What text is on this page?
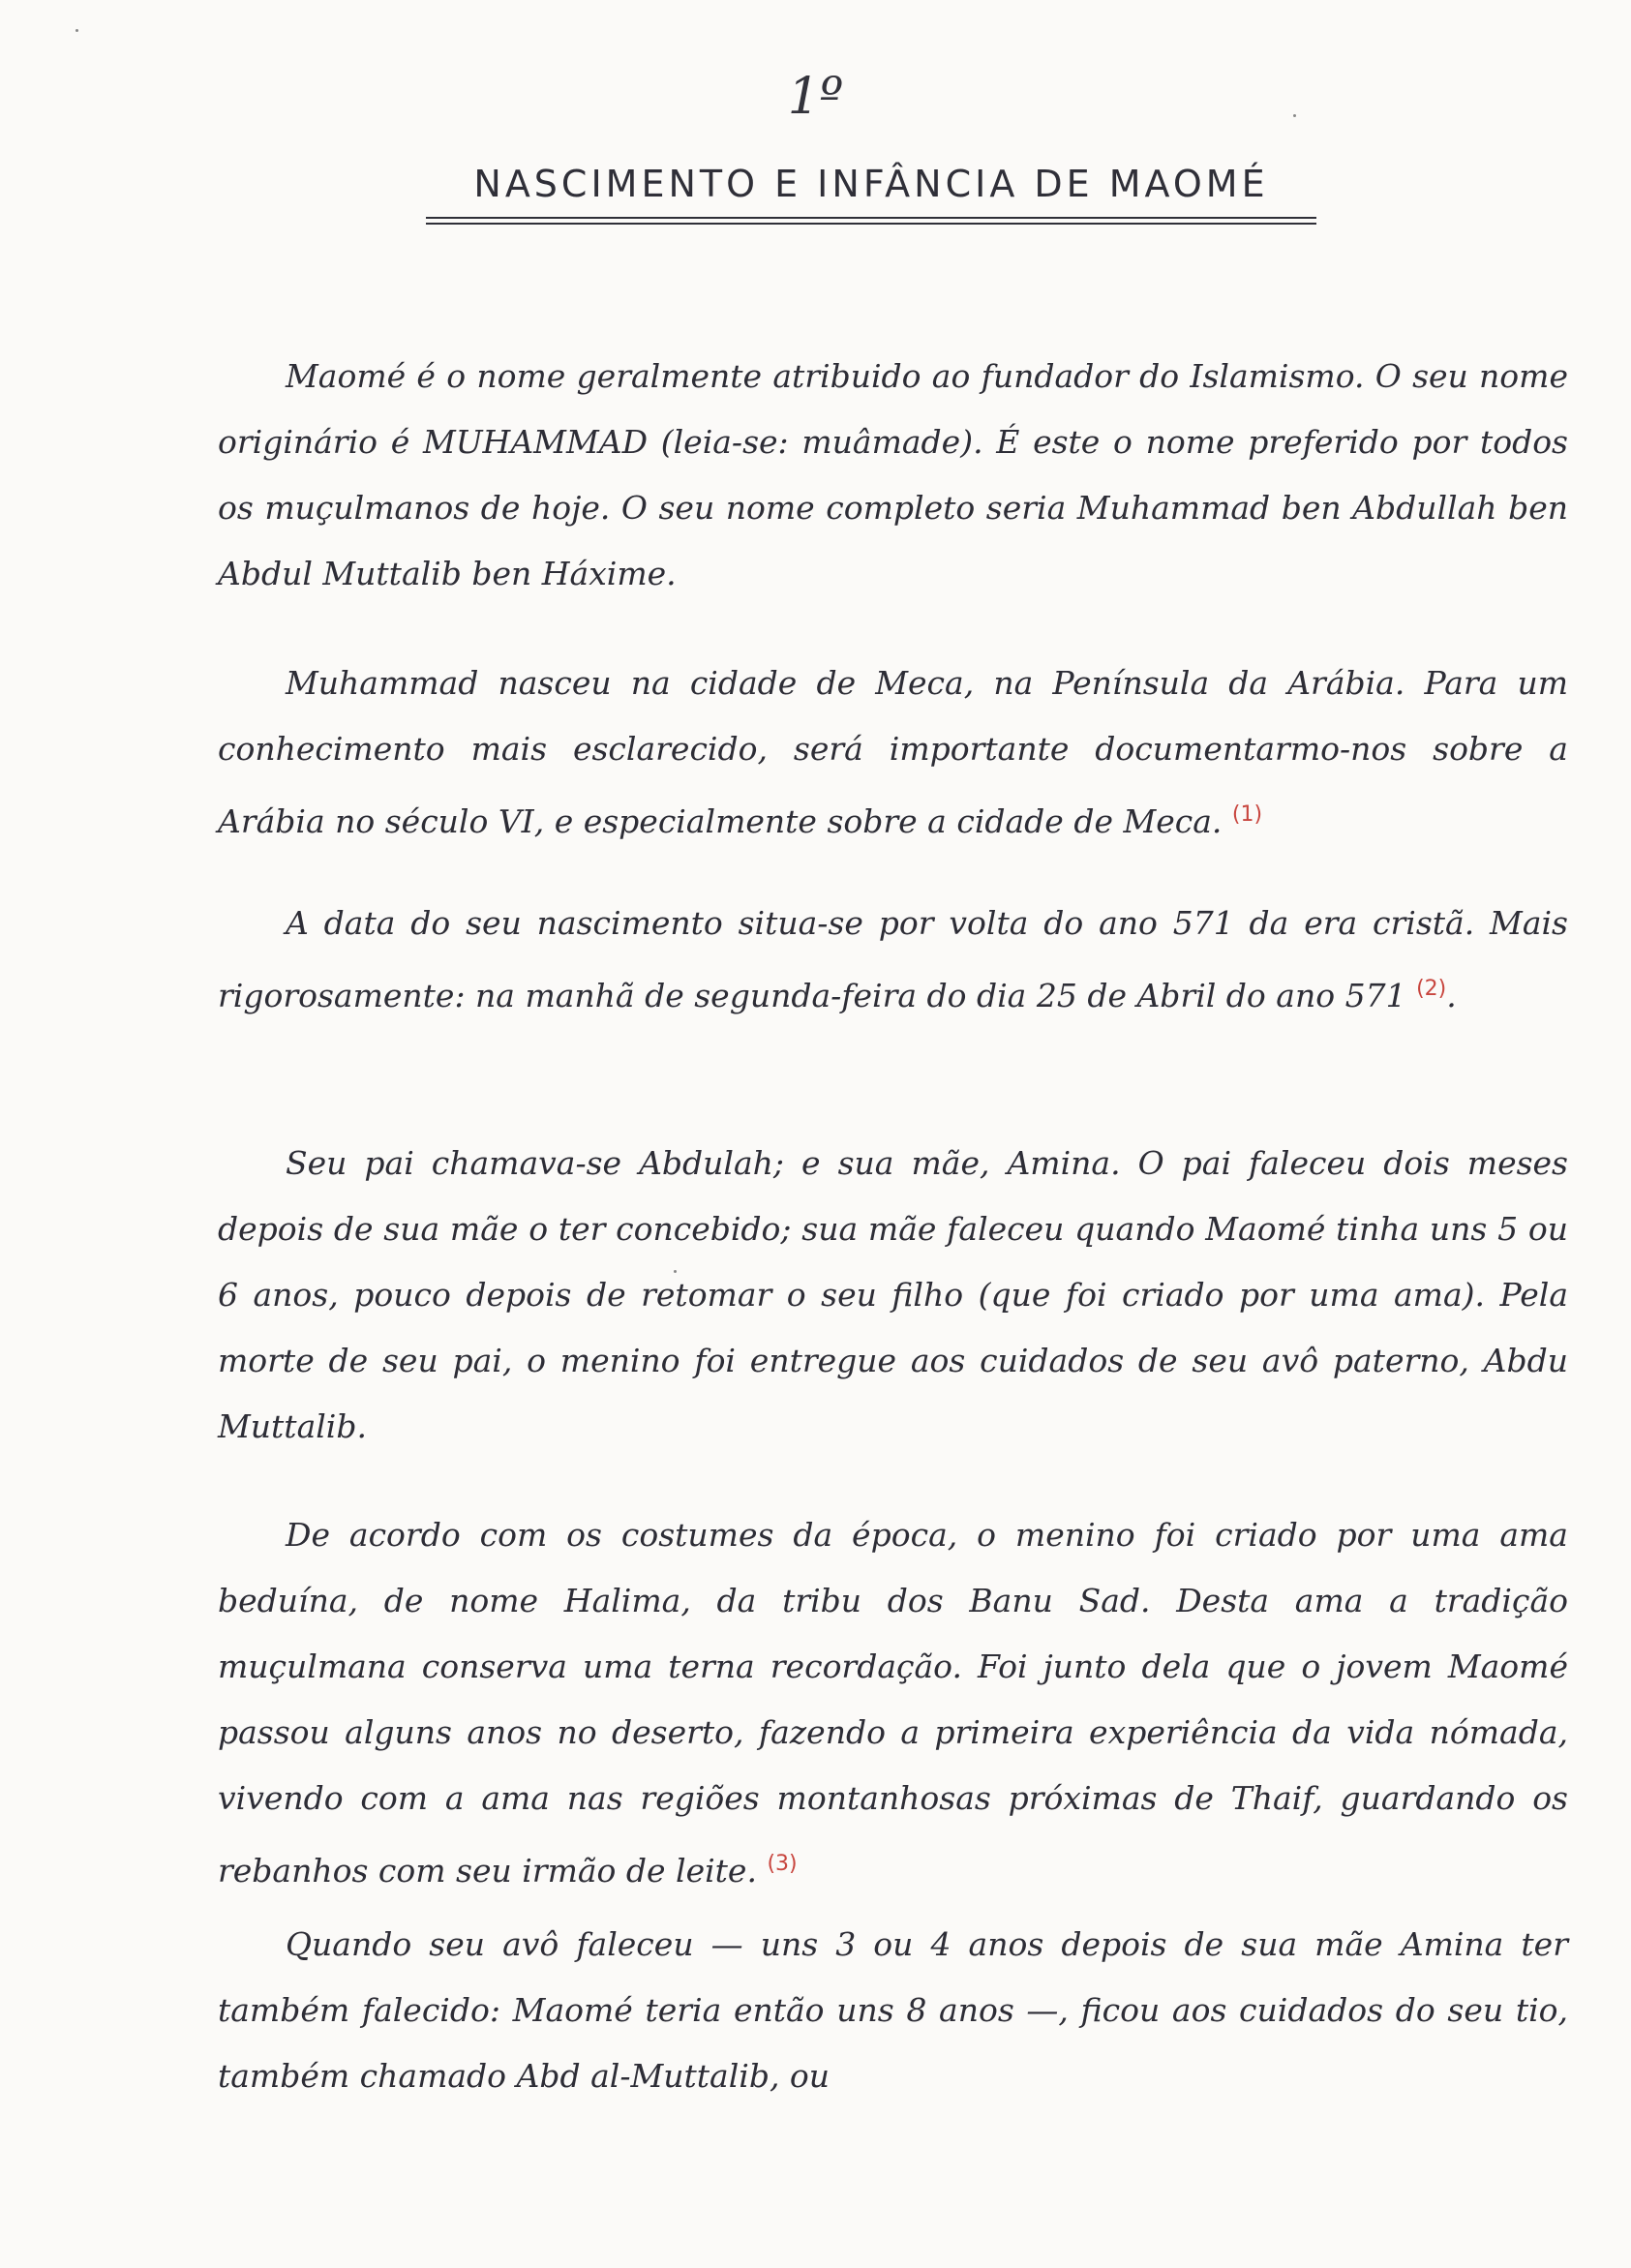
1º
NASCIMENTO E INFÂNCIA DE MAOMÉ

Maomé é o nome geralmente atribuido ao fundador do Islamismo. O seu nome originário é MUHAMMAD (leia-se: muâmade). É este o nome preferido por todos os muçulmanos de hoje. O seu nome completo seria Muhammad ben Abdullah ben Abdul Muttalib ben Háxime.

Muhammad nasceu na cidade de Meca, na Península da Arábia. Para um conhecimento mais esclarecido, será importante documentarmo-nos sobre a Arábia no século VI, e especialmente sobre a cidade de Meca. $^{(1)}$

A data do seu nascimento situa-se por volta do ano 571 da era cristã. Mais rigorosamente: na manhã de segunda-feira do dia 25 de Abril do ano 571 $^{(2)}$.

Seu pai chamava-se Abdulah; e sua mãe, Amina. O pai faleceu dois meses depois de sua mãe o ter concebido; sua mãe faleceu quando Maomé tinha uns 5 ou 6 anos, pouco depois de retomar o seu filho (que foi criado por uma ama). Pela morte de seu pai, o menino foi entregue aos cuidados de seu avô paterno, Abdu Muttalib.

De acordo com os costumes da época, o menino foi criado por uma ama beduína, de nome Halima, da tribu dos Banu Sad. Desta ama a tradição muçulmana conserva uma terna recordação. Foi junto dela que o jovem Maomé passou alguns anos no deserto, fazendo a primeira experiência da vida nómada, vivendo com a ama nas regiões montanhosas próximas de Thaif, guardando os rebanhos com seu irmão de leite. $^{(3)}$

Quando seu avô faleceu — uns 3 ou 4 anos depois de sua mãe Amina ter também falecido: Maomé teria então uns 8 anos —, ficou aos cuidados do seu tio, também chamado Abd al-Muttalib, ou
